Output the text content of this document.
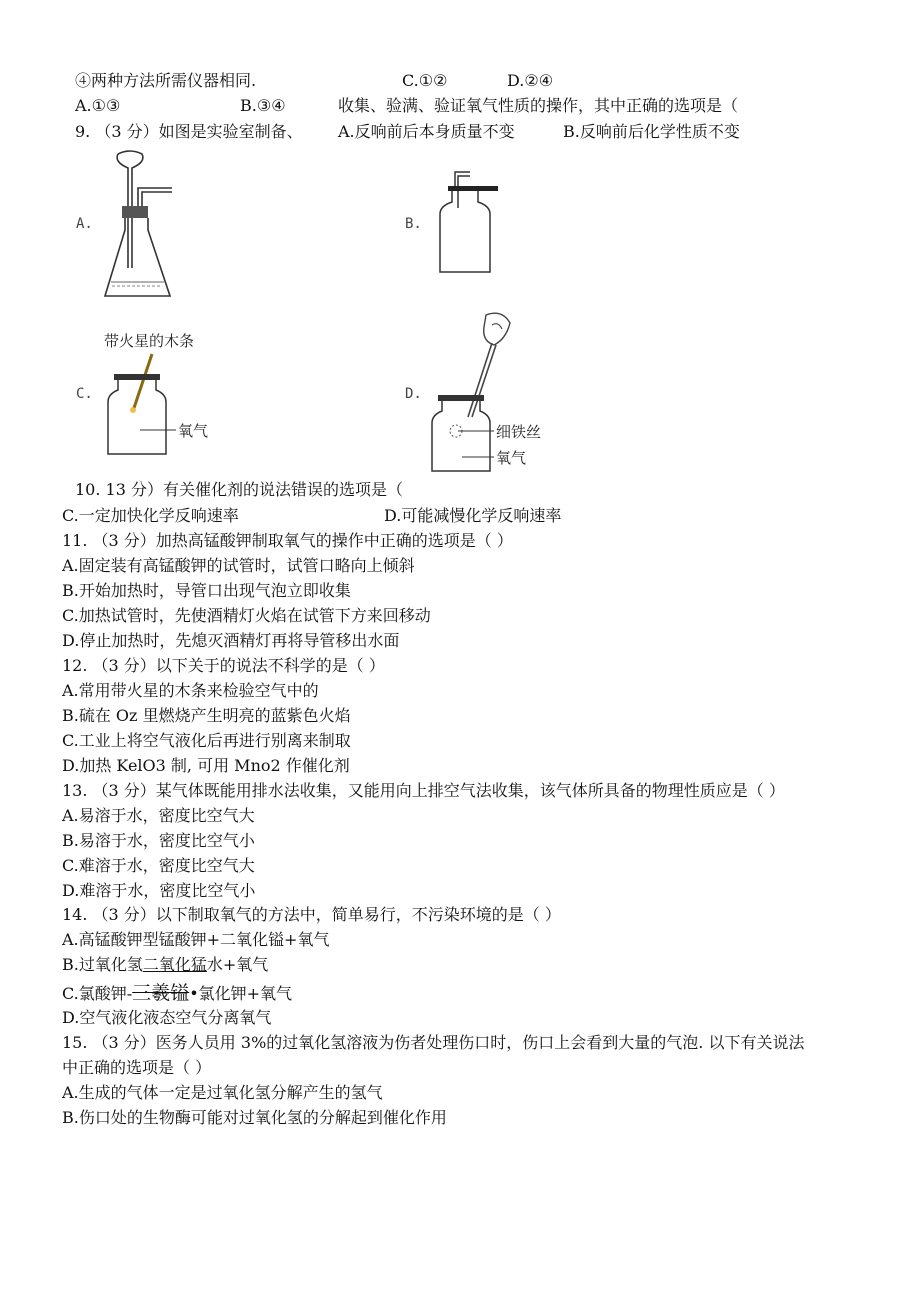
④两种方法所需仪器相同.	C.①②	D.②④
A.①③	B.③④	收集、验满、验证氧气性质的操作，其中正确的选项是（
9. （3 分）如图是实验室制备、 A.反响前后本身质量不变	B.反响前后化学性质不变
A.	B.
C.
带火星的木条
氧气
D.
细铁丝
氧气
10. 13 分）有关催化剂的说法错误的选项是（
C.一定加快化学反响速率	D.可能减慢化学反响速率
11. （3 分）加热高锰酸钾制取氧气的操作中正确的选项是（ ）
A.固定装有高锰酸钾的试管时，试管口略向上倾斜
B.开始加热时，导管口出现气泡立即收集
C.加热试管时，先使酒精灯火焰在试管下方来回移动
D.停止加热时，先熄灭酒精灯再将导管移出水面
12. （3 分）以下关于的说法不科学的是（ ）
A.常用带火星的木条来检验空气中的
B.硫在 Oz 里燃烧产生明亮的蓝紫色火焰
C.工业上将空气液化后再进行别离来制取
D.加热 KelO3 制, 可用 Mno2 作催化剂
13. （3 分）某气体既能用排水法收集，又能用向上排空气法收集，该气体所具备的物理性质应是（ ）
A.易溶于水，密度比空气大
B.易溶于水，密度比空气小
C.难溶于水，密度比空气大
D.难溶于水，密度比空气小
14. （3 分）以下制取氧气的方法中，简单易行，不污染环境的是（ ）
A.高锰酸钾型锰酸钾+二氧化镒+氧气
B.过氧化氢二氧化猛水+氧气
C.氯酸钾-三羲镒•氯化钾+氧气
D.空气液化液态空气分离氧气
15. （3 分）医务人员用 3%的过氧化氢溶液为伤者处理伤口时，伤口上会看到大量的气泡. 以下有关说法
中正确的选项是（ ）
A.生成的气体一定是过氧化氢分解产生的氢气
B.伤口处的生物酶可能对过氧化氢的分解起到催化作用
